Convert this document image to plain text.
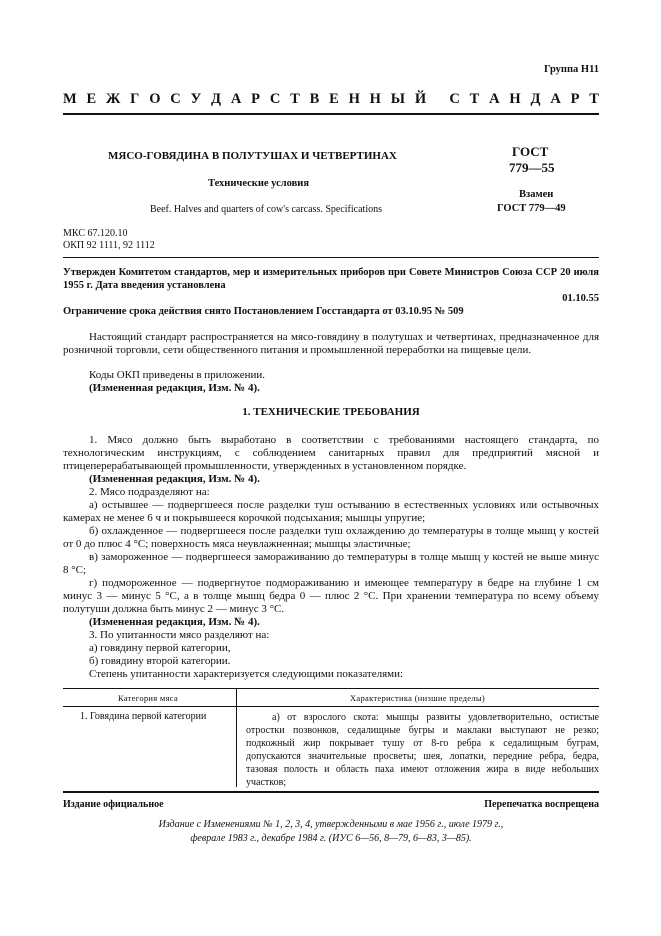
Группа Н11
М Е Ж Г О С У Д А Р С Т В Е Н Н Ы Й
С Т А Н Д А Р Т
МЯСО-ГОВЯДИНА В ПОЛУТУШАХ И ЧЕТВЕРТИНАХ
Технические условия
Beef. Halves and quarters of cow's carcass. Specifications
ГОСТ
779—55
Взамен
ГОСТ 779—49
МКС 67.120.10
ОКП 92 1111, 92 1112
Утвержден Комитетом стандартов, мер и измерительных приборов при Совете Министров Союза ССР 20 июля 1955 г. Дата введения установлена
01.10.55
Ограничение срока действия снято Постановлением Госстандарта от 03.10.95 № 509
Настоящий стандарт распространяется на мясо-говядину в полутушах и четвертинах, предназначенное для розничной торговли, сети общественного питания и промышленной переработки на пищевые цели.
Коды ОКП приведены в приложении.
(Измененная редакция, Изм. № 4).
1. ТЕХНИЧЕСКИЕ ТРЕБОВАНИЯ
1. Мясо должно быть выработано в соответствии с требованиями настоящего стандарта, по технологическим инструкциям, с соблюдением санитарных правил для предприятий мясной и птицеперерабатывающей промышленности, утвержденных в установленном порядке.
(Измененная редакция, Изм. № 4).
2. Мясо подразделяют на:
а) остывшее — подвергшееся после разделки туш остыванию в естественных условиях или остывочных камерах не менее 6 ч и покрывшееся корочкой подсыхания; мышцы упругие;
б) охлажденное — подвергшееся после разделки туш охлаждению до температуры в толще мышц у костей от 0 до плюс 4 °С; поверхность мяса неувлажненная; мышцы эластичные;
в) замороженное — подвергшееся замораживанию до температуры в толще мышц у костей не выше минус 8 °С;
г) подмороженное — подвергнутое подмораживанию и имеющее температуру в бедре на глубине 1 см минус 3 — минус 5 °С, а в толще мышц бедра 0 — плюс 2 °С. При хранении температура по всему объему полутуши должна быть минус 2 — минус 3 °С.
(Измененная редакция, Изм. № 4).
3. По упитанности мясо разделяют на:
а) говядину первой категории,
б) говядину второй категории.
Степень упитанности характеризуется следующими показателями:
Категория мяса	Характеристика (низшие пределы)
1. Говядина первой категории	а) от взрослого скота: мышцы развиты удовлетворительно, остистые отростки позвонков, седалищные бугры и маклаки выступают не резко; подкожный жир покрывает тушу от 8-го ребра к седалищным буграм, допускаются значительные просветы; шея, лопатки, передние ребра, бедра, тазовая полость и область паха имеют отложения жира в виде небольших участков;
Издание официальное	Перепечатка воспрещена
Издание с Изменениями № 1, 2, 3, 4, утвержденными в мае 1956 г., июле 1979 г.,
феврале 1983 г., декабре 1984 г. (ИУС 6—56, 8—79, 6—83, 3—85).
